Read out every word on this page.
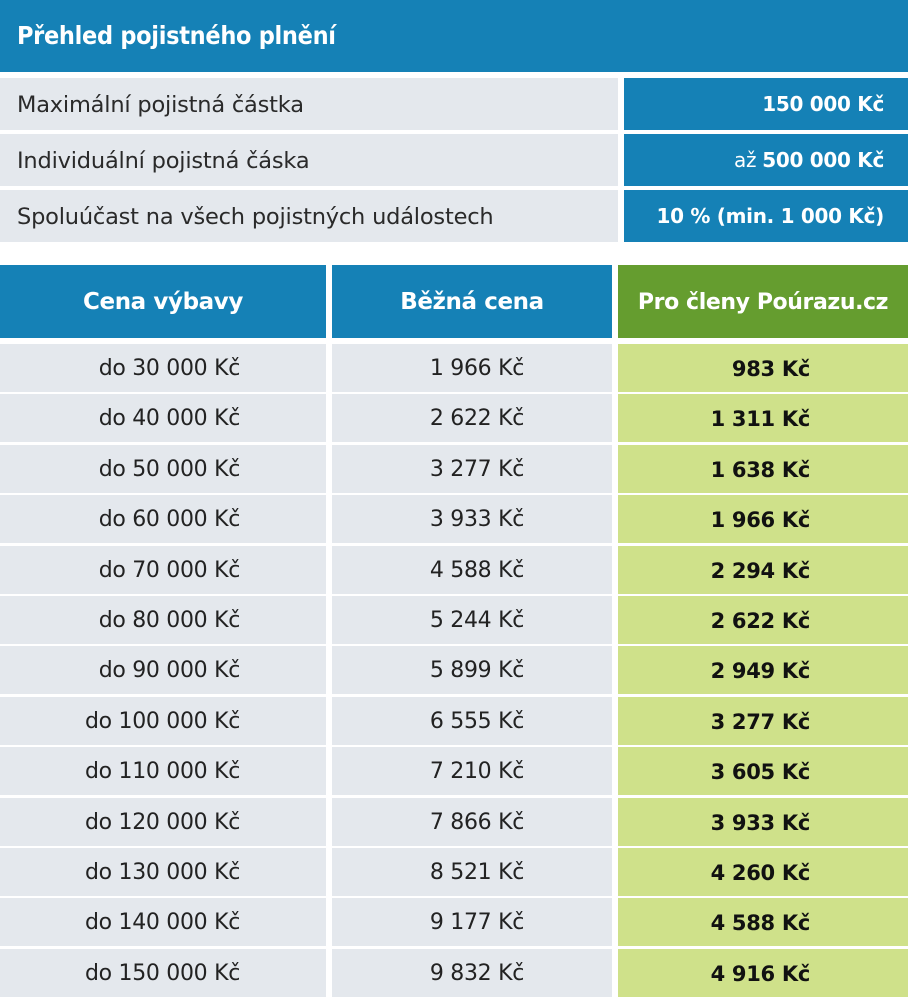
Přehled pojistného plnění
Maximální pojistná částka	150 000 Kč
Individuální pojistná čáska	až 500 000 Kč
Spoluúčast na všech pojistných událostech	10 % (min. 1 000 Kč)
Cena výbavy	Běžná cena	Pro členy Poúrazu.cz
do 30 000 Kč	1 966 Kč	983 Kč
do 40 000 Kč	2 622 Kč	1 311 Kč
do 50 000 Kč	3 277 Kč	1 638 Kč
do 60 000 Kč	3 933 Kč	1 966 Kč
do 70 000 Kč	4 588 Kč	2 294 Kč
do 80 000 Kč	5 244 Kč	2 622 Kč
do 90 000 Kč	5 899 Kč	2 949 Kč
do 100 000 Kč	6 555 Kč	3 277 Kč
do 110 000 Kč	7 210 Kč	3 605 Kč
do 120 000 Kč	7 866 Kč	3 933 Kč
do 130 000 Kč	8 521 Kč	4 260 Kč
do 140 000 Kč	9 177 Kč	4 588 Kč
do 150 000 Kč	9 832 Kč	4 916 Kč
